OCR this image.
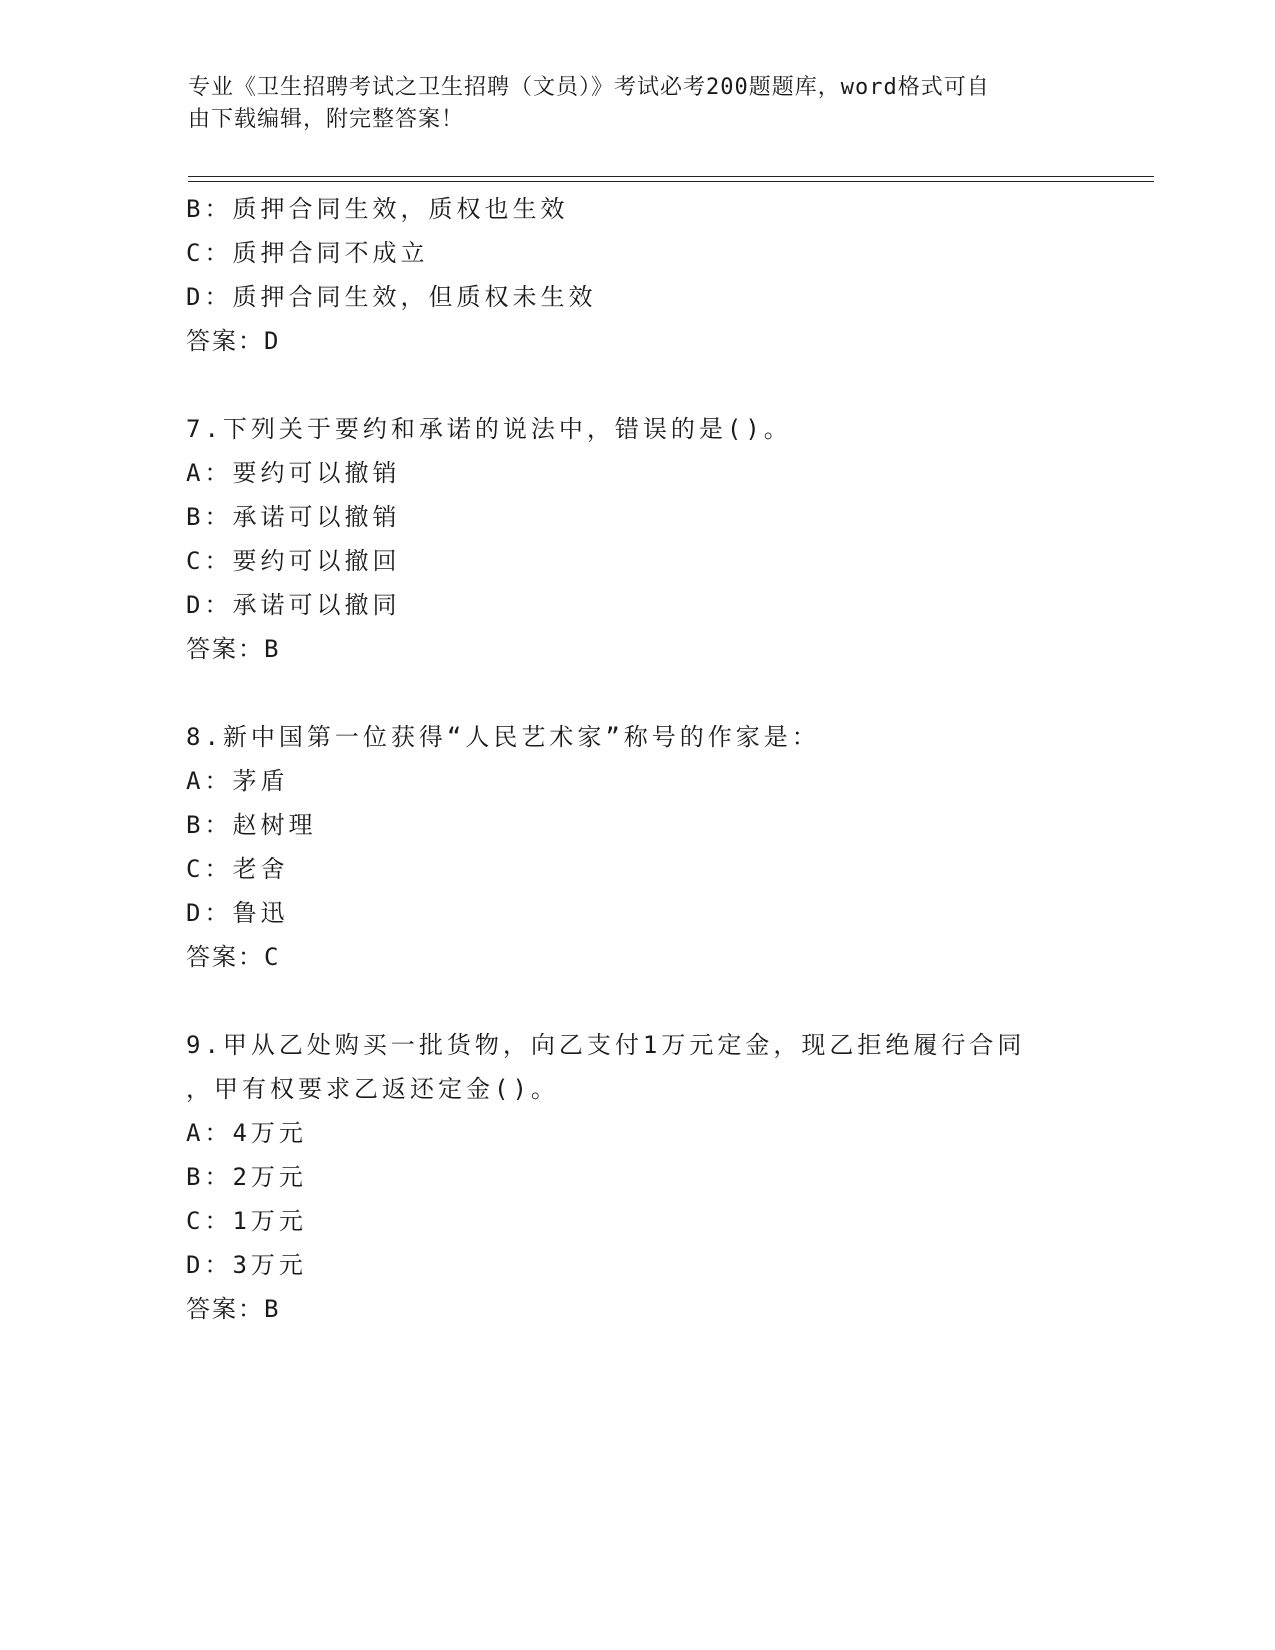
专业《卫生招聘考试之卫生招聘（文员）》考试必考200题题库，word格式可自
由下载编辑，附完整答案！
B：质押合同生效，质权也生效
C：质押合同不成立
D：质押合同生效，但质权未生效
答案：D
7.下列关于要约和承诺的说法中，错误的是()。
A：要约可以撤销
B：承诺可以撤销
C：要约可以撤回
D：承诺可以撤同
答案：B
8.新中国第一位获得“人民艺术家”称号的作家是：
A：茅盾
B：赵树理
C：老舍
D：鲁迅
答案：C
9.甲从乙处购买一批货物，向乙支付1万元定金，现乙拒绝履行合同
，甲有权要求乙返还定金()。
A：4万元
B：2万元
C：1万元
D：3万元
答案：B
